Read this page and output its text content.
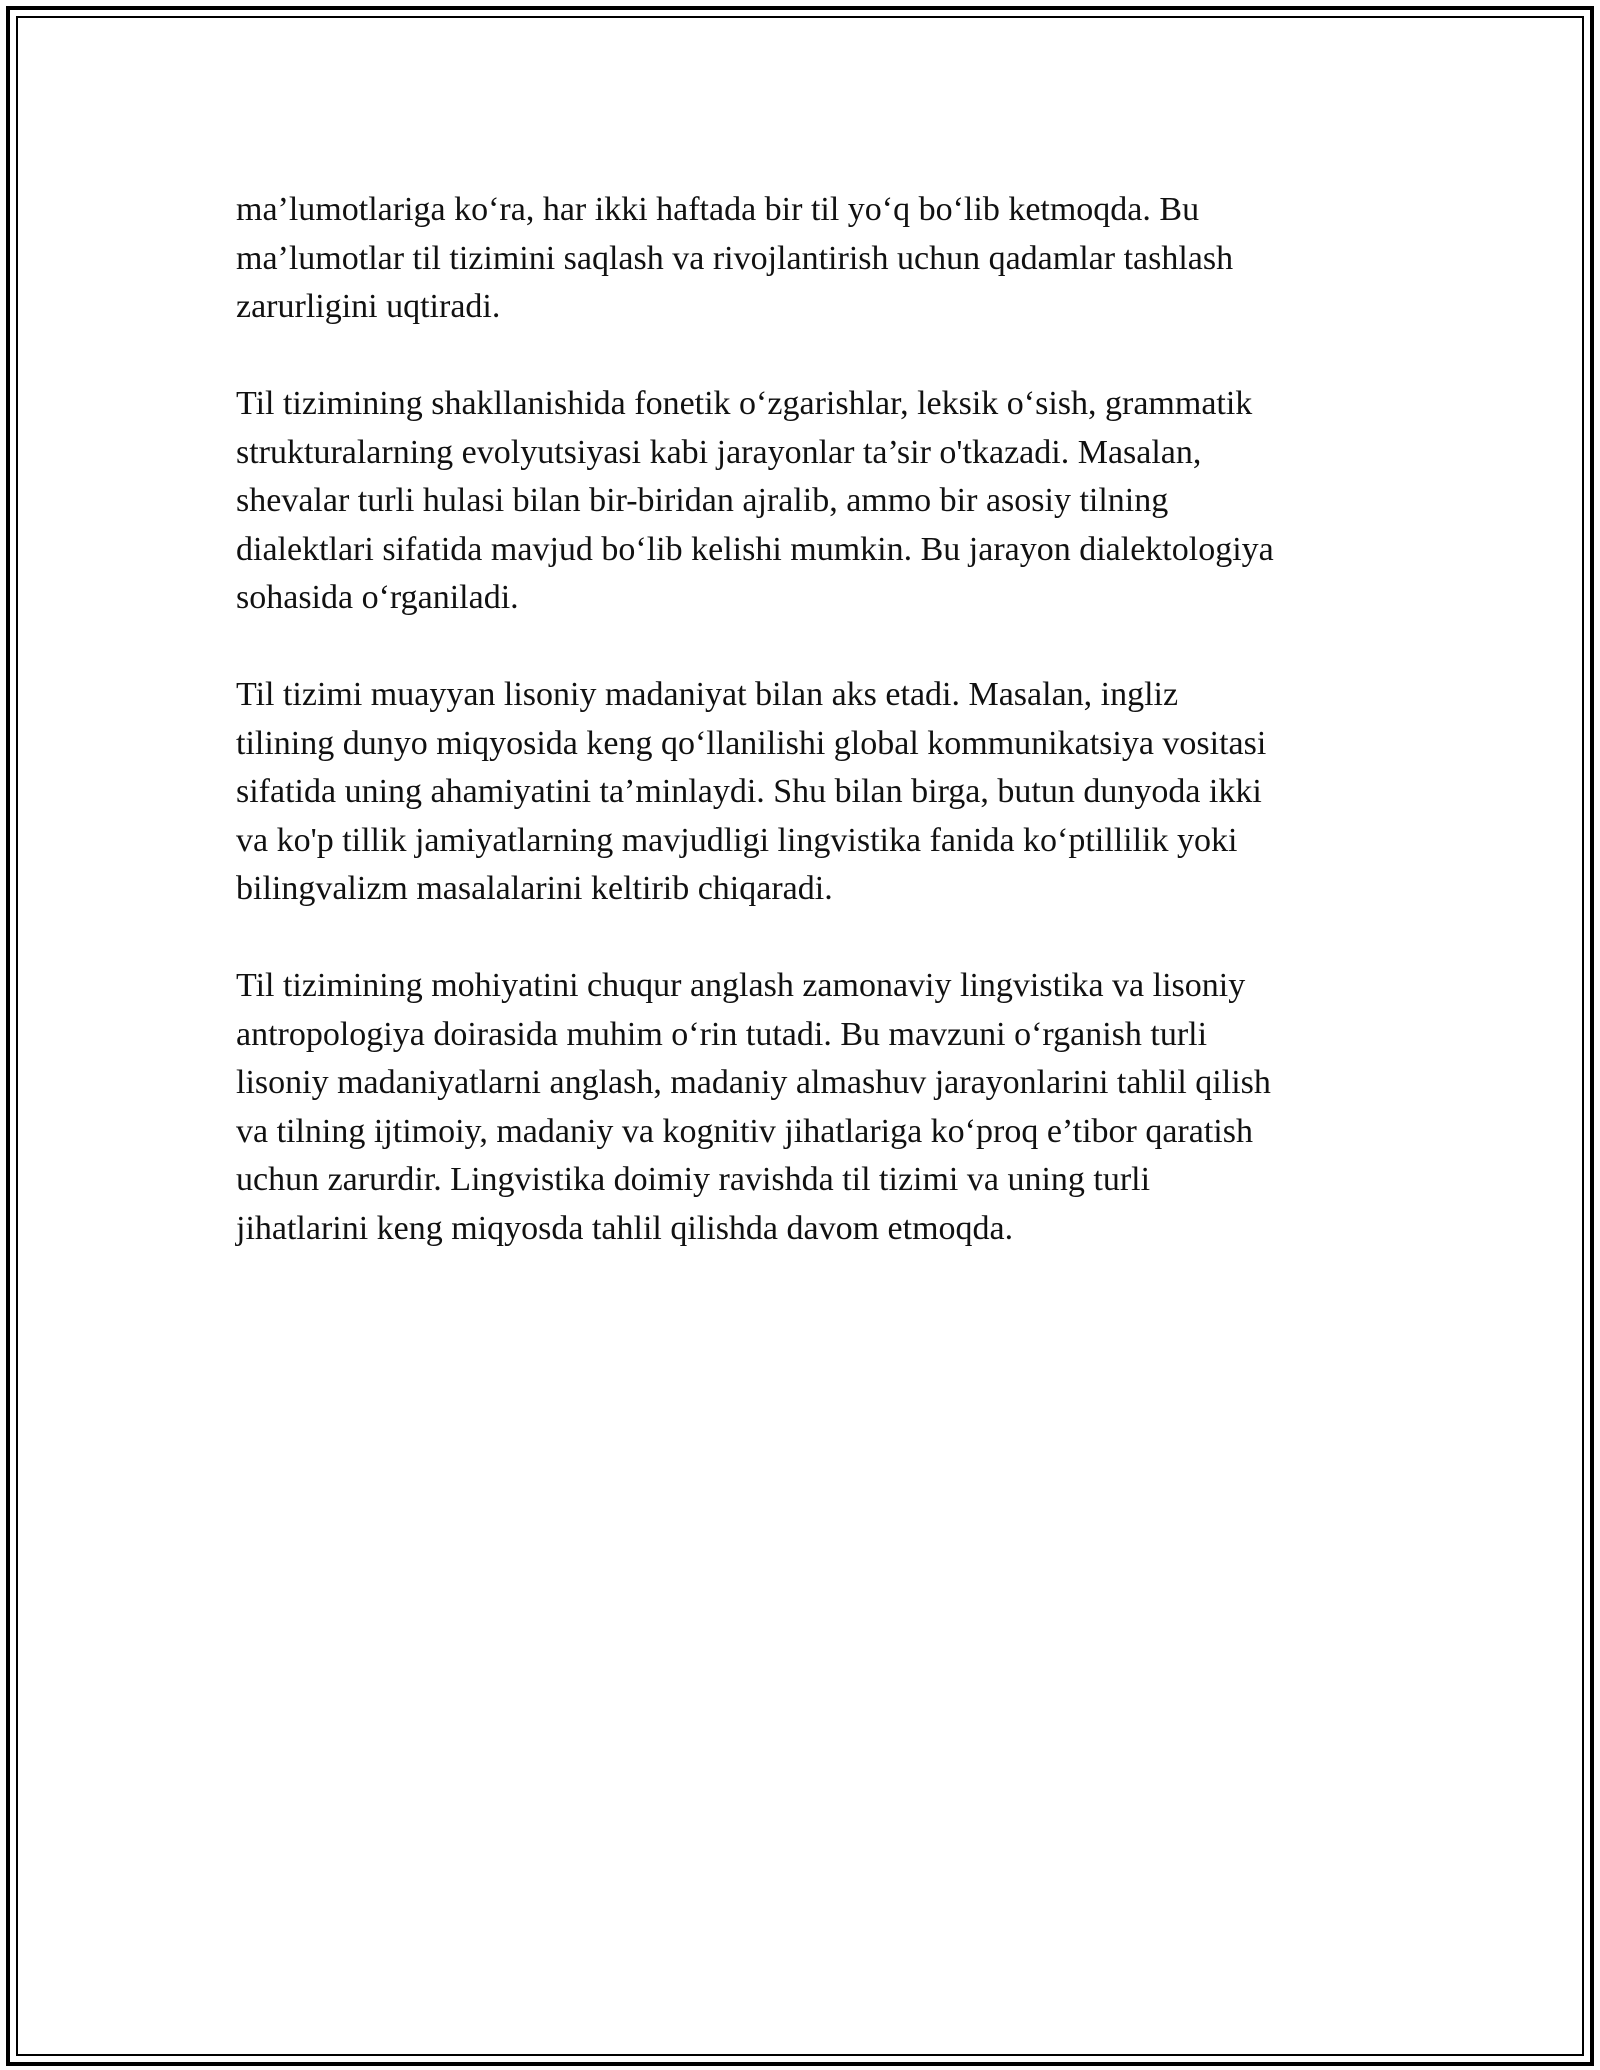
ma’lumotlariga ko‘ra, har ikki haftada bir til yo‘q bo‘lib ketmoqda. Bu
ma’lumotlar til tizimini saqlash va rivojlantirish uchun qadamlar tashlash
zarurligini uqtiradi.

Til tizimining shakllanishida fonetik o‘zgarishlar, leksik o‘sish, grammatik
strukturalarning evolyutsiyasi kabi jarayonlar ta’sir o'tkazadi. Masalan,
shevalar turli hulasi bilan bir-biridan ajralib, ammo bir asosiy tilning
dialektlari sifatida mavjud bo‘lib kelishi mumkin. Bu jarayon dialektologiya
sohasida o‘rganiladi.

Til tizimi muayyan lisoniy madaniyat bilan aks etadi. Masalan, ingliz
tilining dunyo miqyosida keng qo‘llanilishi global kommunikatsiya vositasi
sifatida uning ahamiyatini ta’minlaydi. Shu bilan birga, butun dunyoda ikki
va ko'p tillik jamiyatlarning mavjudligi lingvistika fanida ko‘ptillilik yoki
bilingvalizm masalalarini keltirib chiqaradi.

Til tizimining mohiyatini chuqur anglash zamonaviy lingvistika va lisoniy
antropologiya doirasida muhim o‘rin tutadi. Bu mavzuni o‘rganish turli
lisoniy madaniyatlarni anglash, madaniy almashuv jarayonlarini tahlil qilish
va tilning ijtimoiy, madaniy va kognitiv jihatlariga ko‘proq e’tibor qaratish
uchun zarurdir. Lingvistika doimiy ravishda til tizimi va uning turli
jihatlarini keng miqyosda tahlil qilishda davom etmoqda.
